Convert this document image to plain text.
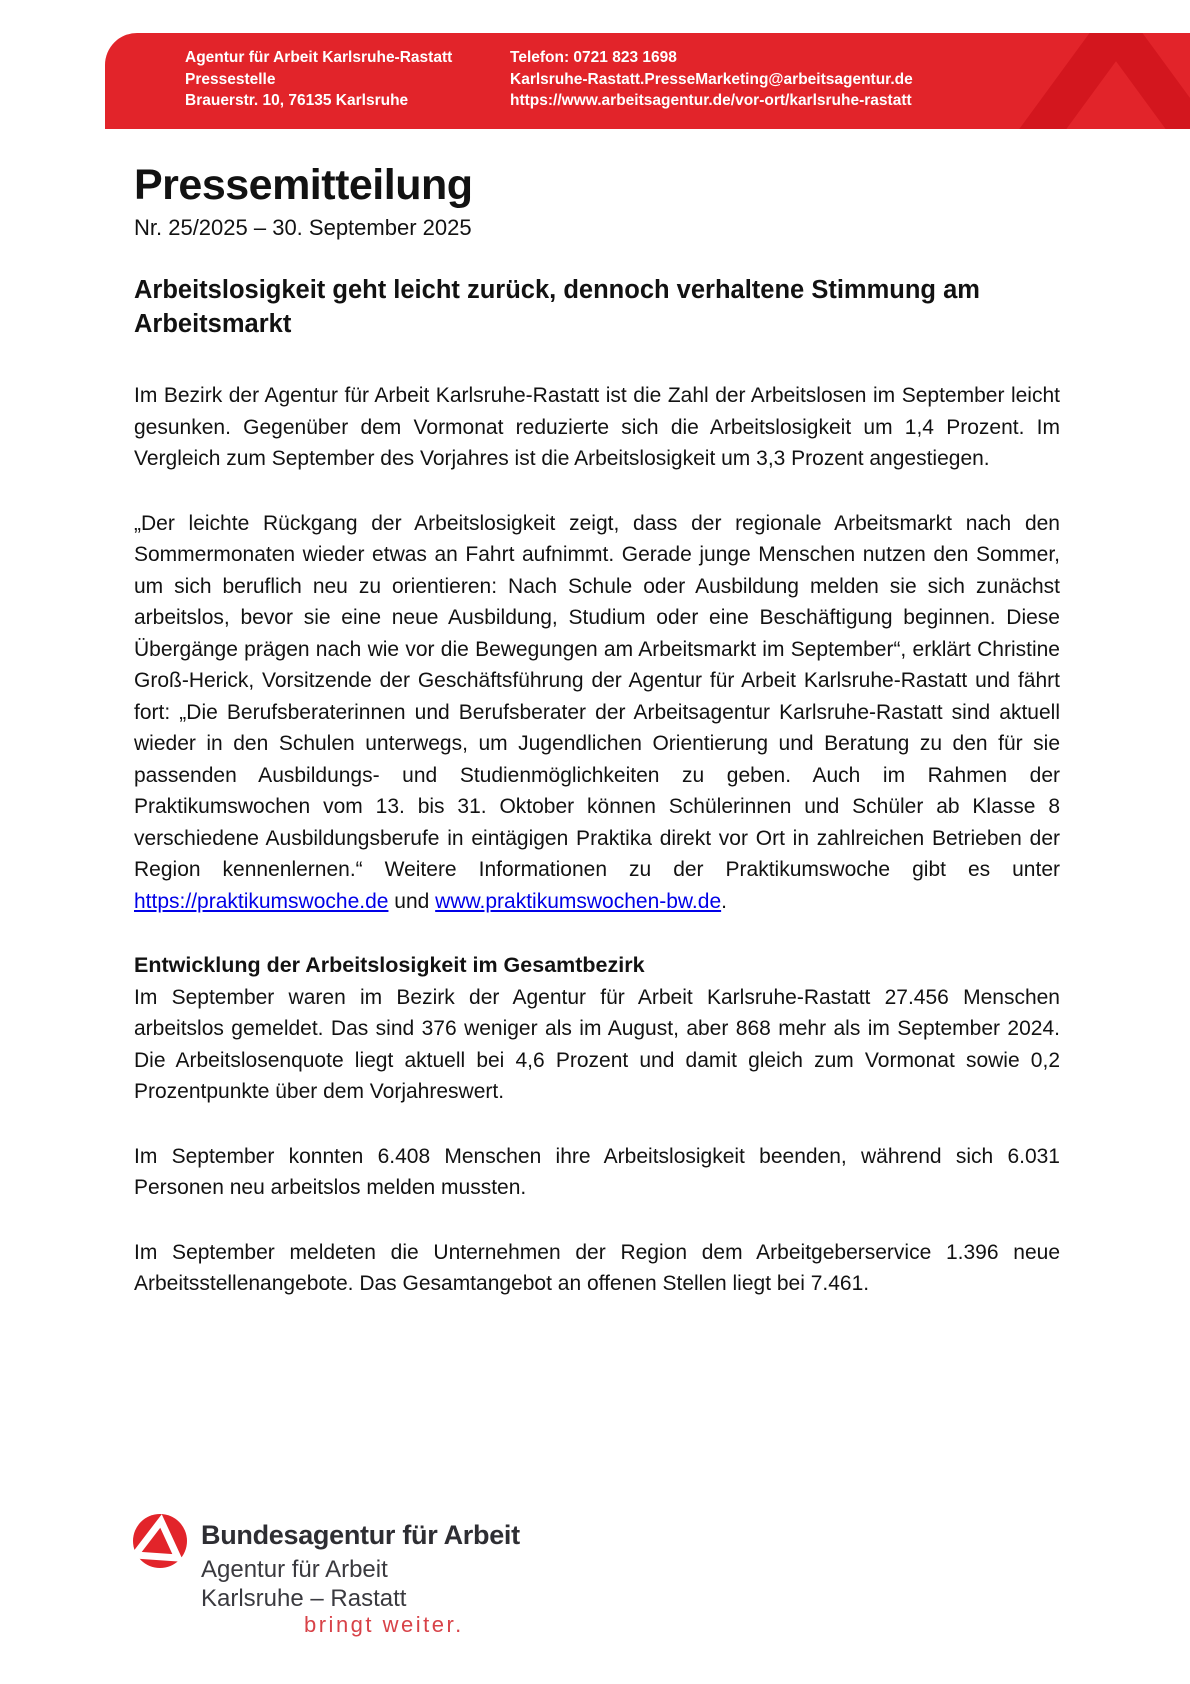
Agentur für Arbeit Karlsruhe-Rastatt
Pressestelle
Brauerstr. 10, 76135 Karlsruhe
Telefon: 0721 823 1698
Karlsruhe-Rastatt.PresseMarketing@arbeitsagentur.de
https://www.arbeitsagentur.de/vor-ort/karlsruhe-rastatt
Pressemitteilung
Nr. 25/2025 – 30. September 2025
Arbeitslosigkeit geht leicht zurück, dennoch verhaltene Stimmung am Arbeitsmarkt

Im Bezirk der Agentur für Arbeit Karlsruhe-Rastatt ist die Zahl der Arbeitslosen im September leicht gesunken. Gegenüber dem Vormonat reduzierte sich die Arbeitslosigkeit um 1,4 Prozent. Im Vergleich zum September des Vorjahres ist die Arbeitslosigkeit um 3,3 Prozent angestiegen.

„Der leichte Rückgang der Arbeitslosigkeit zeigt, dass der regionale Arbeitsmarkt nach den Sommermonaten wieder etwas an Fahrt aufnimmt. Gerade junge Menschen nutzen den Sommer, um sich beruflich neu zu orientieren: Nach Schule oder Ausbildung melden sie sich zunächst arbeitslos, bevor sie eine neue Ausbildung, Studium oder eine Beschäftigung beginnen. Diese Übergänge prägen nach wie vor die Bewegungen am Arbeitsmarkt im September“, erklärt Christine Groß-Herick, Vorsitzende der Geschäftsführung der Agentur für Arbeit Karlsruhe-Rastatt und fährt fort: „Die Berufsberaterinnen und Berufsberater der Arbeitsagentur Karlsruhe-Rastatt sind aktuell wieder in den Schulen unterwegs, um Jugendlichen Orientierung und Beratung zu den für sie passenden Ausbildungs- und Studienmöglichkeiten zu geben. Auch im Rahmen der Praktikumswochen vom 13. bis 31. Oktober können Schülerinnen und Schüler ab Klasse 8 verschiedene Ausbildungsberufe in eintägigen Praktika direkt vor Ort in zahlreichen Betrieben der Region kennenlernen.“ Weitere Informationen zu der Praktikumswoche gibt es unter https://praktikumswoche.de und www.praktikumswochen-bw.de.

Entwicklung der Arbeitslosigkeit im Gesamtbezirk

Im September waren im Bezirk der Agentur für Arbeit Karlsruhe-Rastatt 27.456 Menschen arbeitslos gemeldet. Das sind 376 weniger als im August, aber 868 mehr als im September 2024. Die Arbeitslosenquote liegt aktuell bei 4,6 Prozent und damit gleich zum Vormonat sowie 0,2 Prozentpunkte über dem Vorjahreswert.

Im September konnten 6.408 Menschen ihre Arbeitslosigkeit beenden, während sich 6.031 Personen neu arbeitslos melden mussten.

Im September meldeten die Unternehmen der Region dem Arbeitgeberservice 1.396 neue Arbeitsstellenangebote. Das Gesamtangebot an offenen Stellen liegt bei 7.461.

Bundesagentur für Arbeit
Agentur für Arbeit
Karlsruhe – Rastatt
bringt weiter.
